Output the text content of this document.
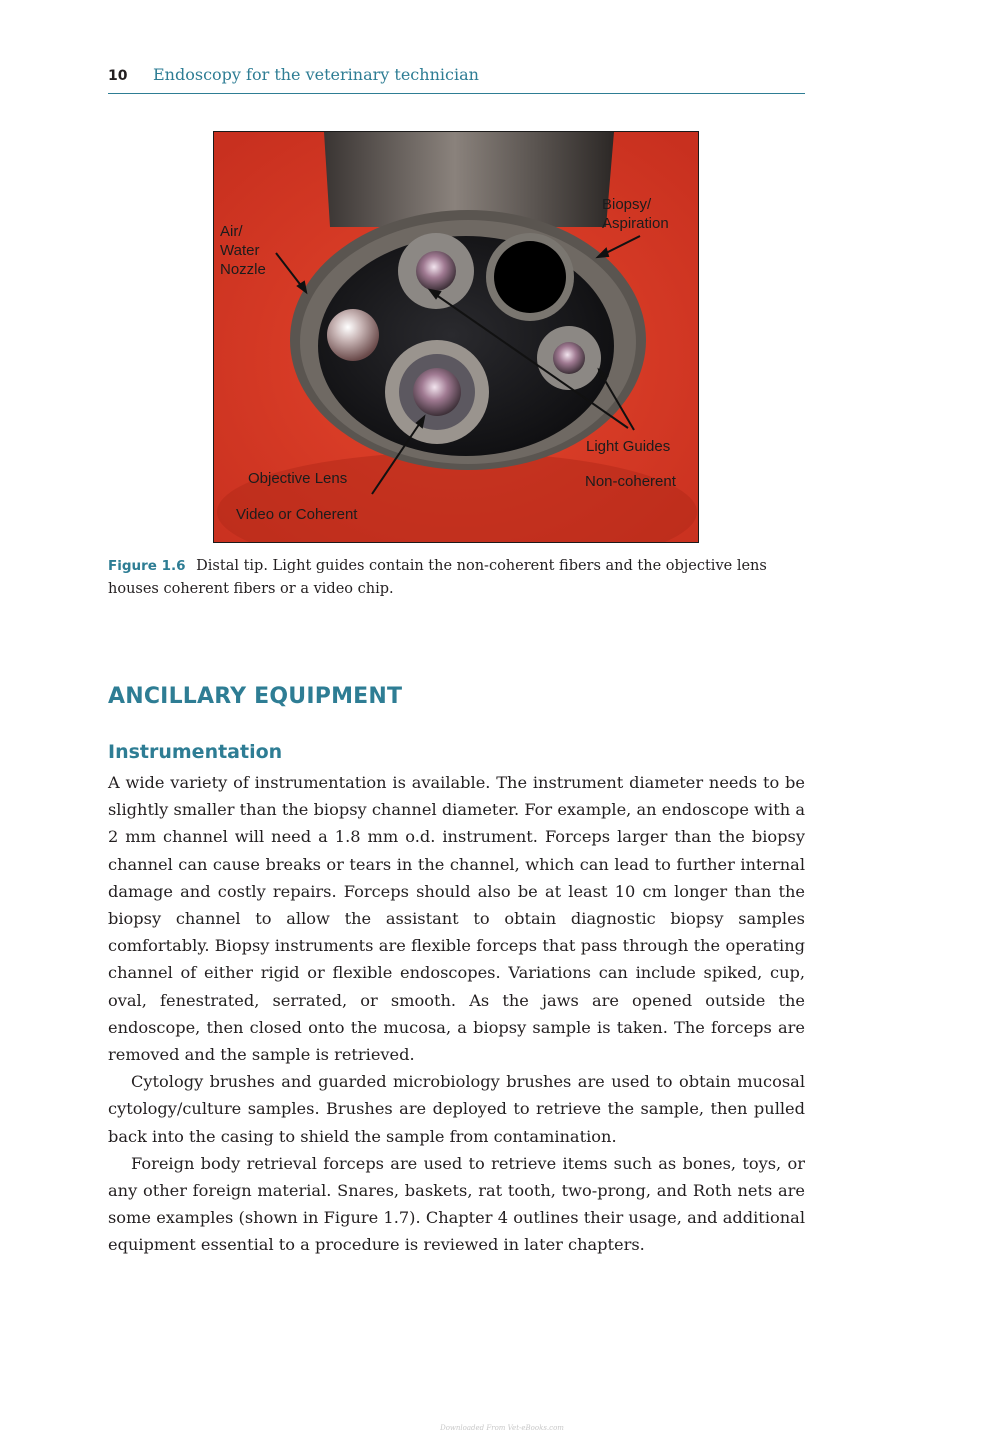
10 Endoscopy for the veterinary technician
Air/
Water
Nozzle
Biopsy/
Aspiration
Light Guides
Non-coherent
Objective Lens
Video or Coherent
Figure 1.6 Distal tip. Light guides contain the non-coherent fibers and the objective lens houses coherent fibers or a video chip.
ANCILLARY EQUIPMENT
Instrumentation

A wide variety of instrumentation is available. The instrument diameter needs to be slightly smaller than the biopsy channel diameter. For example, an endoscope with a 2 mm channel will need a 1.8 mm o.d. instrument. Forceps larger than the biopsy channel can cause breaks or tears in the channel, which can lead to further internal damage and costly repairs. Forceps should also be at least 10 cm longer than the biopsy channel to allow the assistant to obtain diagnostic biopsy samples comfortably. Biopsy instruments are flexible forceps that pass through the operating channel of either rigid or flexible endoscopes. Variations can include spiked, cup, oval, fenestrated, serrated, or smooth. As the jaws are opened outside the endoscope, then closed onto the mucosa, a biopsy sample is taken. The forceps are removed and the sample is retrieved.

Cytology brushes and guarded microbiology brushes are used to obtain mucosal cytology/culture samples. Brushes are deployed to retrieve the sample, then pulled back into the casing to shield the sample from contamination.

Foreign body retrieval forceps are used to retrieve items such as bones, toys, or any other foreign material. Snares, baskets, rat tooth, two-prong, and Roth nets are some examples (shown in Figure 1.7). Chapter 4 outlines their usage, and additional equipment essential to a procedure is reviewed in later chapters.

Downloaded From Vet-eBooks.com
